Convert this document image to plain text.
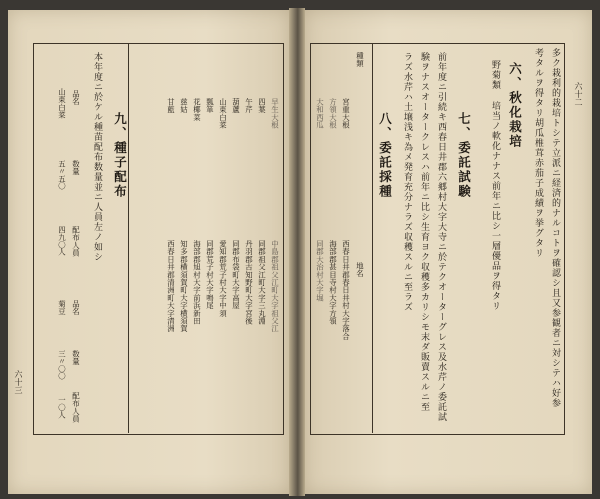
六十三
六十二
多ク栽利的栽培トシテ立派ニ経済的ナルコトヲ確認シ且又参観者ニ対シテハ好参
考タルヲ得タリ胡瓜椎茸赤茄子成績ヲ挙グタリ
六、秋化栽培
野菊類 培当ノ軟化ナナス前年ニ比シ一層優品ヲ得タリ
七、委託試験
前年度ニ引続キ西春日井郡六郷村大字大寺ニ於テクオーターグレス及水芹ノ委託試
験ヲナスオータークレスハ前年ニ比シ生育ヨク収穫多カリシモ末ダ販賣スルニ至
ラズ水芹ハ土壌浅キ為メ発育充分ナラズ収穫スルニ至ラズ
八、委託採種
種類
地名
宮重大根
西春日井郡春日井村大字落合
方領大根
海部郡甚目寺村大字方領
大和西瓜
同郡大治村大字堀
早生大根
中島郡祖父江町大字祖父江
四葉
同郡祖父江町大字三丸淵
午芹
丹羽郡古知野町大字宮後
葫蘆
同郡布袋町大字高屋
山東白菜
愛知郡荒子村大字中須
瓢箪
同郡荒子村大字鳴尾
花椰菜
海部郡旭村大字前浜新田
慈姑
知多郡横須賀町大字横須賀
甘藍
西春日井郡清洲町大字清洲
九、種子配布
本年度ニ於ケル種苗配布数量並ニ人員左ノ如シ
品名
数量
配布人員
品名
数量
配布人員
山東白菜
五〃五〇
四九〇人
菊豆
三〃〇〇
一〇人
